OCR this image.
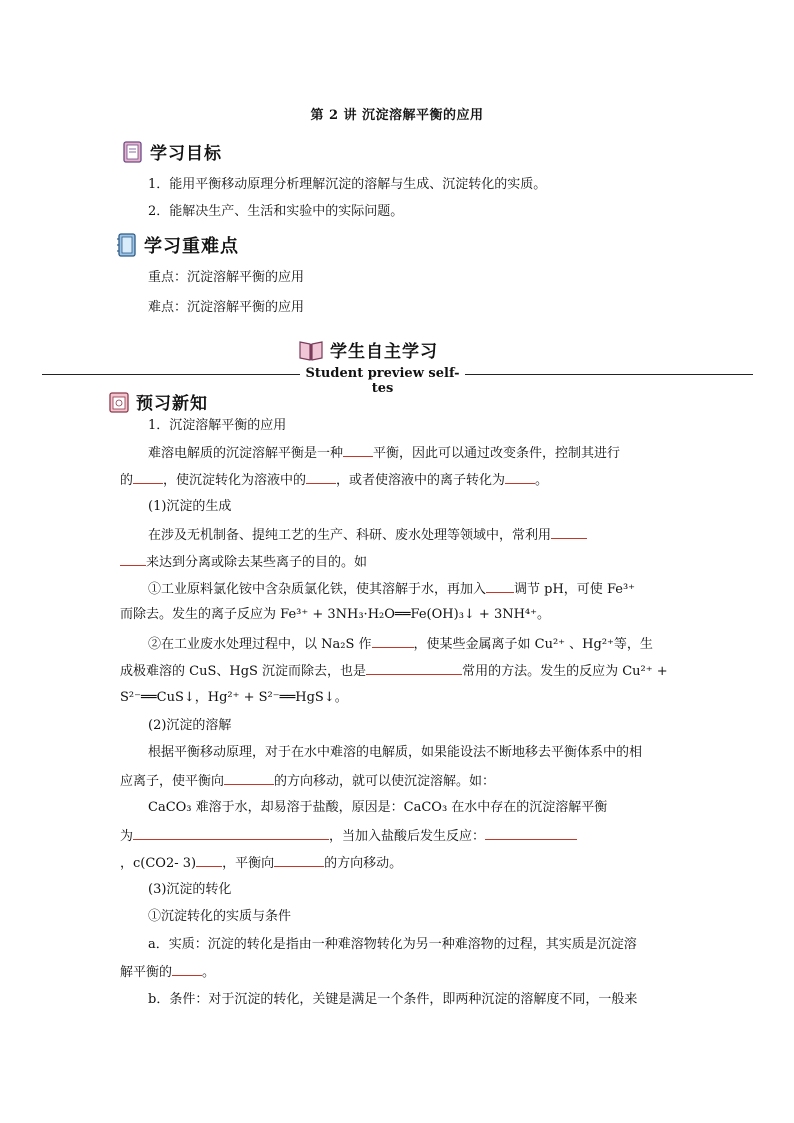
第 2 讲 沉淀溶解平衡的应用
学习目标
1．能用平衡移动原理分析理解沉淀的溶解与生成、沉淀转化的实质。
2．能解决生产、生活和实验中的实际问题。
学习重难点
重点：沉淀溶解平衡的应用
难点：沉淀溶解平衡的应用
学生自主学习
Student preview self-tes
预习新知
1．沉淀溶解平衡的应用
难溶电解质的沉淀溶解平衡是一种 平衡，因此可以通过改变条件，控制其进行
的 ，使沉淀转化为溶液中的 ，或者使溶液中的离子转化为 。
(1)沉淀的生成
在涉及无机制备、提纯工艺的生产、科研、废水处理等领域中，常利用
来达到分离或除去某些离子的目的。如
①工业原料氯化铵中含杂质氯化铁，使其溶解于水，再加入 调节 pH，可使 Fe³⁺
而除去。发生的离子反应为 Fe³⁺ + 3NH₃·H₂O══Fe(OH)₃↓ + 3NH⁴⁺。
②在工业废水处理过程中，以 Na₂S 作	，使某些金属离子如 Cu²⁺ 、Hg²⁺等，生
成极难溶的 CuS、HgS 沉淀而除去，也是	常用的方法。发生的反应为 Cu²⁺ +
S²⁻══CuS↓，Hg²⁺ + S²⁻══HgS↓。
(2)沉淀的溶解
根据平衡移动原理，对于在水中难溶的电解质，如果能设法不断地移去平衡体系中的相
应离子，使平衡向	的方向移动，就可以使沉淀溶解。如：
CaCO₃ 难溶于水，却易溶于盐酸，原因是：CaCO₃ 在水中存在的沉淀溶解平衡
为	，当加入盐酸后发生反应：
，c(CO2- 3) ，平衡向	的方向移动。
(3)沉淀的转化
①沉淀转化的实质与条件
a．实质：沉淀的转化是指由一种难溶物转化为另一种难溶物的过程，其实质是沉淀溶
解平衡的 。
b．条件：对于沉淀的转化，关键是满足一个条件，即两种沉淀的溶解度不同，一般来
